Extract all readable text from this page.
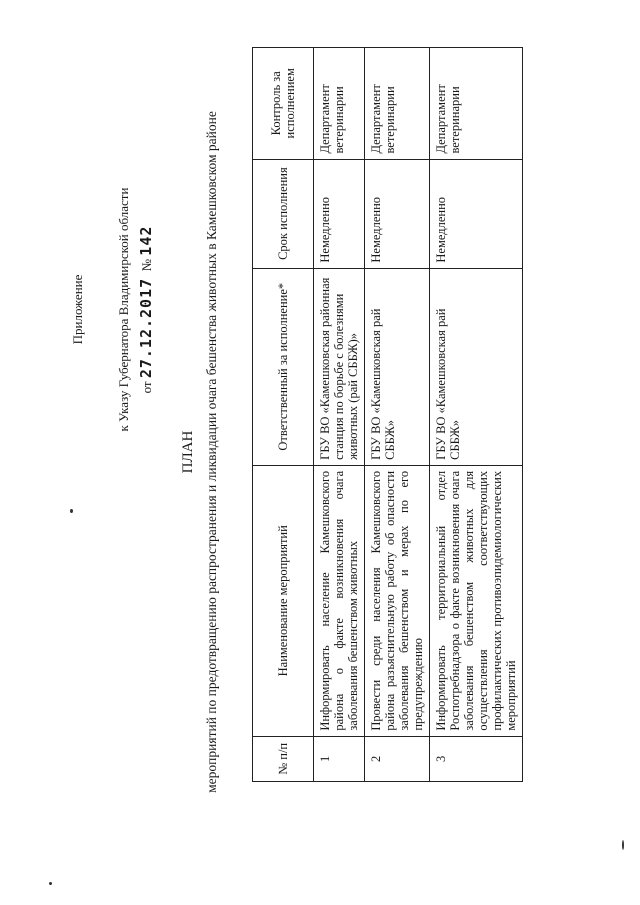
Приложение к Указу Губернатора Владимирской области от 27.12.2017  № 142
ПЛАН мероприятий по предотвращению распространения и ликвидации очага бешенства животных в Камешковском районе	№ п/п	Наименование мероприятий	Ответственный за исполнение*	Срок исполнения	Контроль за исполнением
1	Информировать население Камешковского района о факте возникновения очага заболевания бешенством животных	ГБУ ВО «Камешковская районная станция по борьбе с болезнями животных (рай СББЖ)»	Немедленно	Департамент ветеринарии
2	Провести среди населения Камешковского района разъяснительную работу об опасности заболевания бешенством и мерах по его предупреждению	ГБУ ВО «Камешковская рай СББЖ»	Немедленно	Департамент ветеринарии
3	Информировать территориальный отдел Роспотребнадзора о факте возникновения очага заболевания бешенством животных для осуществления соответствующих профилактических противоэпидемиологических мероприятий	ГБУ ВО «Камешковская рай СББЖ»	Немедленно	Департамент ветеринарии
